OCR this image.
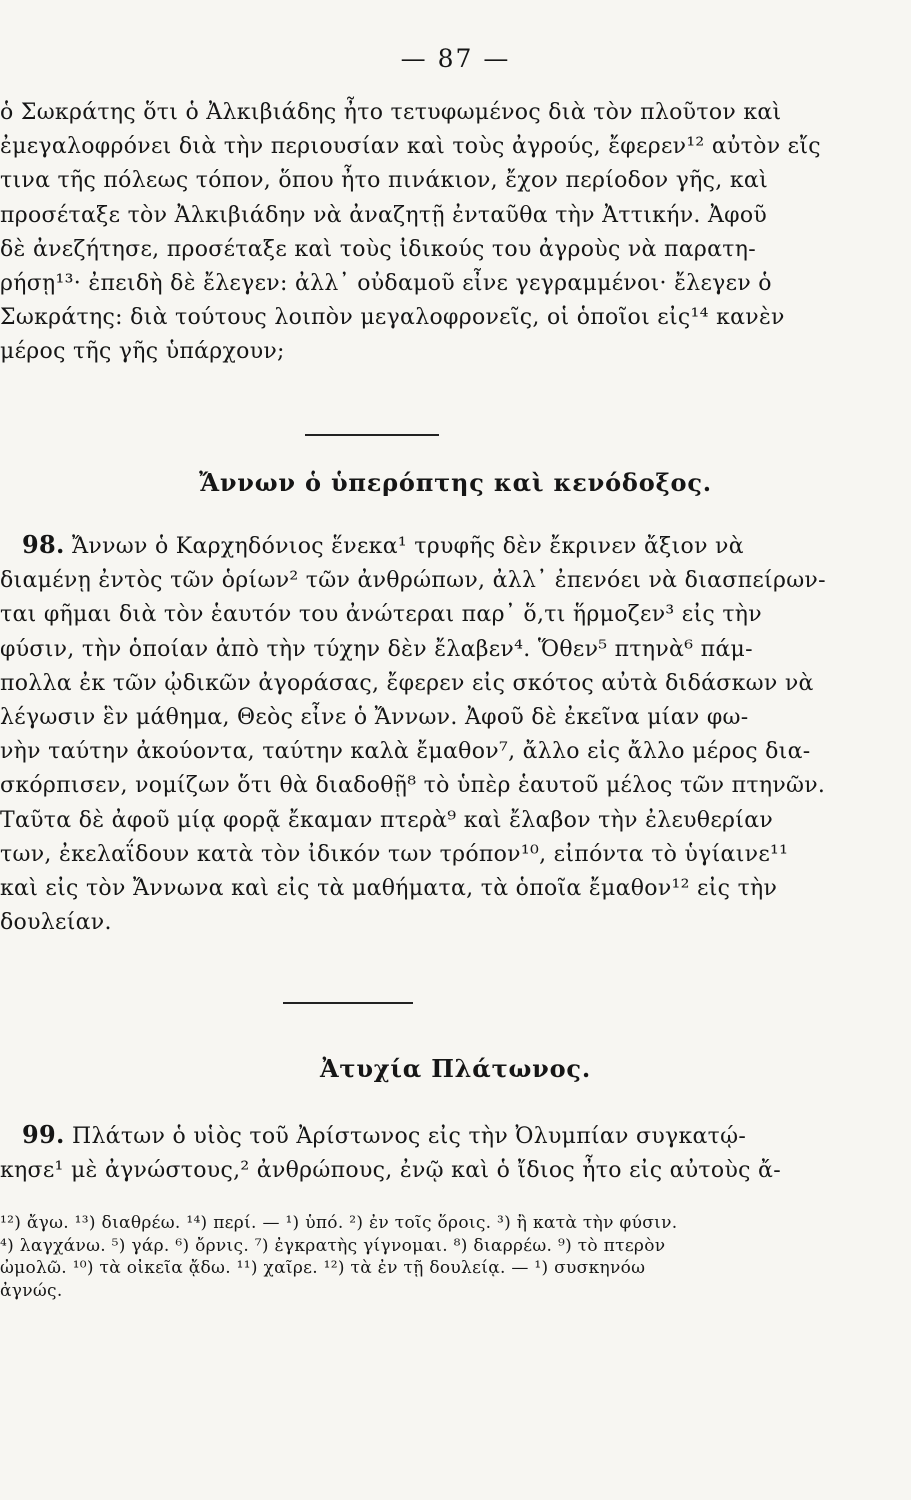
— 87 —
ὁ Σωκράτης ὅτι ὁ Ἀλκιβιάδης ἦτο τετυφωμένος διὰ τὸν πλοῦτον καὶ
ἐμεγαλοφρόνει διὰ τὴν περιουσίαν καὶ τοὺς ἀγρούς, ἔφερεν¹² αὐτὸν εἴς
τινα τῆς πόλεως τόπον, ὅπου ἦτο πινάκιον, ἔχον περίοδον γῆς, καὶ
προσέταξε τὸν Ἀλκιβιάδην νὰ ἀναζητῇ ἐνταῦθα τὴν Ἀττικήν. Ἀφοῦ
δὲ ἀνεζήτησε, προσέταξε καὶ τοὺς ἰδικούς του ἀγροὺς νὰ παρατη-
ρήσῃ¹³· ἐπειδὴ δὲ ἔλεγεν: ἀλλ᾽ οὐδαμοῦ εἶνε γεγραμμένοι· ἔλεγεν ὁ
Σωκράτης: διὰ τούτους λοιπὸν μεγαλοφρονεῖς, οἱ ὁποῖοι εἰς¹⁴ κανὲν
μέρος τῆς γῆς ὑπάρχουν;
Ἄννων ὁ ὑπερόπτης καὶ κενόδοξος.
98. Ἄννων ὁ Καρχηδόνιος ἕνεκα¹ τρυφῆς δὲν ἔκρινεν ἄξιον νὰ
διαμένῃ ἐντὸς τῶν ὁρίων² τῶν ἀνθρώπων, ἀλλ᾽ ἐπενόει νὰ διασπείρων-
ται φῆμαι διὰ τὸν ἑαυτόν του ἀνώτεραι παρ᾽ ὅ,τι ἥρμοζεν³ εἰς τὴν
φύσιν, τὴν ὁποίαν ἀπὸ τὴν τύχην δὲν ἔλαβεν⁴. Ὅθεν⁵ πτηνὰ⁶ πάμ-
πολλα ἐκ τῶν ᾠδικῶν ἀγοράσας, ἔφερεν εἰς σκότος αὐτὰ διδάσκων νὰ
λέγωσιν ἓν μάθημα, Θεὸς εἶνε ὁ Ἄννων. Ἀφοῦ δὲ ἐκεῖνα μίαν φω-
νὴν ταύτην ἀκούοντα, ταύτην καλὰ ἔμαθον⁷, ἄλλο εἰς ἄλλο μέρος δια-
σκόρπισεν, νομίζων ὅτι θὰ διαδοθῇ⁸ τὸ ὑπὲρ ἑαυτοῦ μέλος τῶν πτηνῶν.
Ταῦτα δὲ ἀφοῦ μίᾳ φορᾷ ἔκαμαν πτερὰ⁹ καὶ ἔλαβον τὴν ἐλευθερίαν
των, ἐκελαΐδουν κατὰ τὸν ἰδικόν των τρόπον¹⁰, εἰπόντα τὸ ὑγίαινε¹¹
καὶ εἰς τὸν Ἄννωνα καὶ εἰς τὰ μαθήματα, τὰ ὁποῖα ἔμαθον¹² εἰς τὴν
δουλείαν.
Ἀτυχία Πλάτωνος.
99. Πλάτων ὁ υἱὸς τοῦ Ἀρίστωνος εἰς τὴν Ὀλυμπίαν συγκατῴ-
κησε¹ μὲ ἀγνώστους,² ἀνθρώπους, ἐνῷ καὶ ὁ ἴδιος ἦτο εἰς αὐτοὺς ἄ-
¹²) ἄγω. ¹³) διαθρέω. ¹⁴) περί. — ¹) ὑπό. ²) ἐν τοῖς ὅροις. ³) ἢ κατὰ τὴν φύσιν.
⁴) λαγχάνω. ⁵) γάρ. ⁶) ὄρνις. ⁷) ἐγκρατὴς γίγνομαι. ⁸) διαρρέω. ⁹) τὸ πτερὸν
ὠμολῶ. ¹⁰) τὰ οἰκεῖα ᾄδω. ¹¹) χαῖρε. ¹²) τὰ ἐν τῇ δουλείᾳ. — ¹) συσκηνόω
ἀγνώς.
